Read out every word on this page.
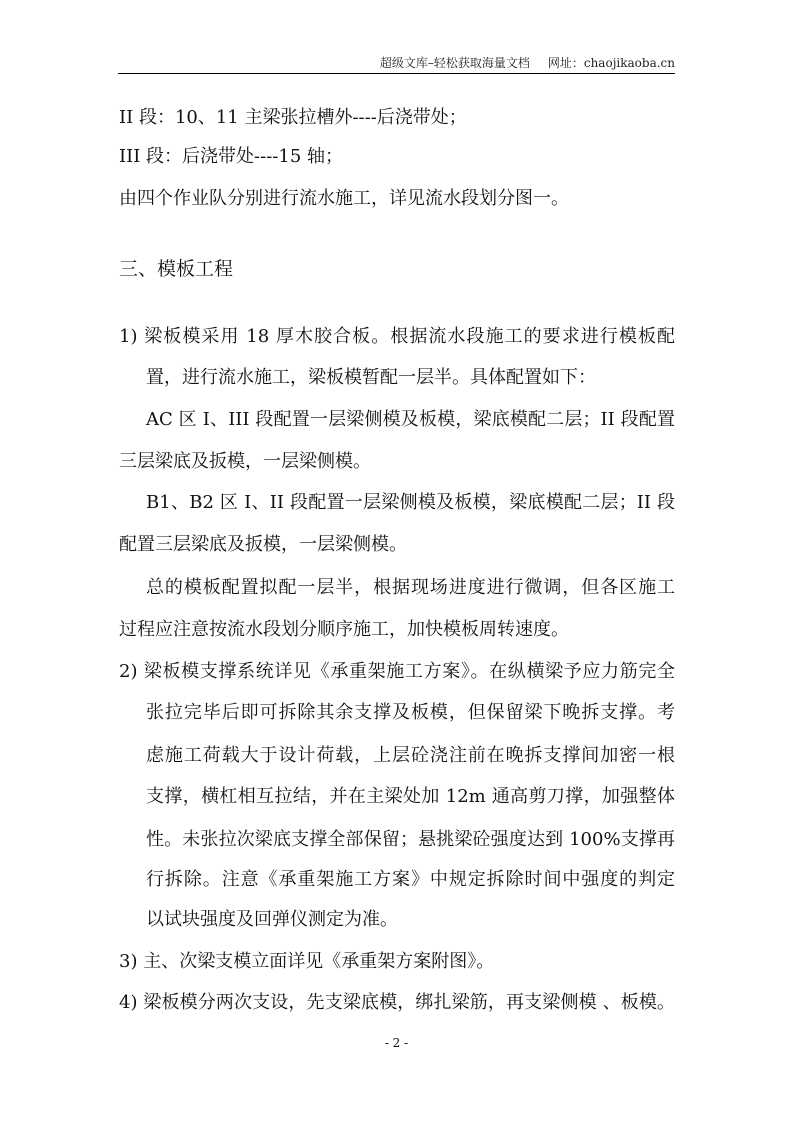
超级文库–轻松获取海量文档 网址：chaojikaoba.cn
II 段：10、11 主梁张拉槽外----后浇带处；
III 段：后浇带处----15 轴；
由四个作业队分别进行流水施工，详见流水段划分图一。
三、模板工程
1) 梁板模采用 18 厚木胶合板。根据流水段施工的要求进行模板配
置，进行流水施工，梁板模暂配一层半。具体配置如下：
AC 区 I、III 段配置一层梁侧模及板模，梁底模配二层；II 段配置
三层梁底及扳模，一层梁侧模。
B1、B2 区 I、II 段配置一层梁侧模及板模，梁底模配二层；II 段
配置三层梁底及扳模，一层梁侧模。
总的模板配置拟配一层半，根据现场进度进行微调，但各区施工
过程应注意按流水段划分顺序施工，加快模板周转速度。
2) 梁板模支撑系统详见《承重架施工方案》。在纵横梁予应力筋完全
张拉完毕后即可拆除其余支撑及板模，但保留梁下晚拆支撑。考
虑施工荷载大于设计荷载，上层砼浇注前在晚拆支撑间加密一根
支撑，横杠相互拉结，并在主梁处加 12m 通高剪刀撑，加强整体
性。未张拉次梁底支撑全部保留；悬挑梁砼强度达到 100%支撑再
行拆除。注意《承重架施工方案》中规定拆除时间中强度的判定
以试块强度及回弹仪测定为准。
3) 主、次梁支模立面详见《承重架方案附图》。
4) 梁板模分两次支设，先支梁底模，绑扎梁筋，再支梁侧模 、板模。
- 2 -
